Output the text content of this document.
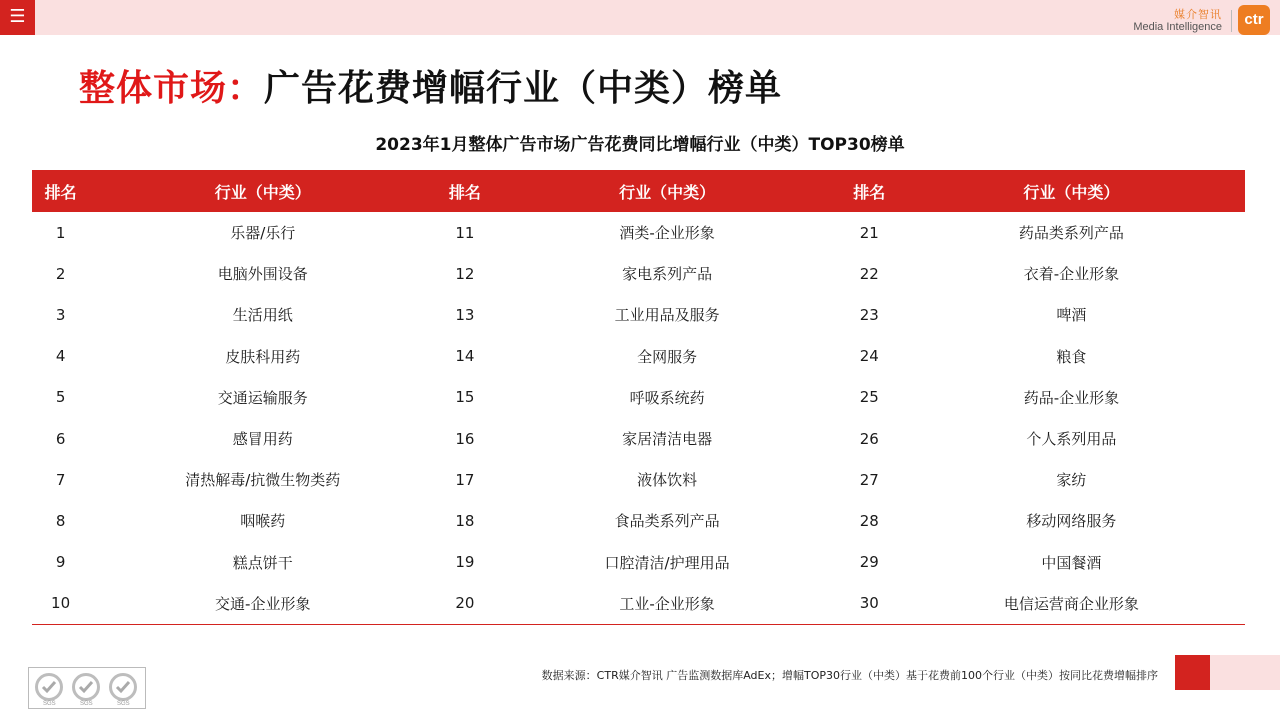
☰	媒介智讯
Media Intelligence	ctr
整体市场：广告花费增幅行业（中类）榜单
2023年1月整体广告市场广告花费同比增幅行业（中类）TOP30榜单
排名	行业（中类）	排名	行业（中类）	排名	行业（中类）
1	乐器/乐行	11	酒类-企业形象	21	药品类系列产品
2	电脑外围设备	12	家电系列产品	22	衣着-企业形象
3	生活用纸	13	工业用品及服务	23	啤酒
4	皮肤科用药	14	全网服务	24	粮食
5	交通运输服务	15	呼吸系统药	25	药品-企业形象
6	感冒用药	16	家居清洁电器	26	个人系列用品
7	清热解毒/抗微生物类药	17	液体饮料	27	家纺
8	咽喉药	18	食品类系列产品	28	移动网络服务
9	糕点饼干	19	口腔清洁/护理用品	29	中国餐酒
10	交通-企业形象	20	工业-企业形象	30	电信运营商企业形象
SGS	SGS	SGS
数据来源：CTR媒介智讯 广告监测数据库AdEx；增幅TOP30行业（中类）基于花费前100个行业（中类）按同比花费增幅排序
